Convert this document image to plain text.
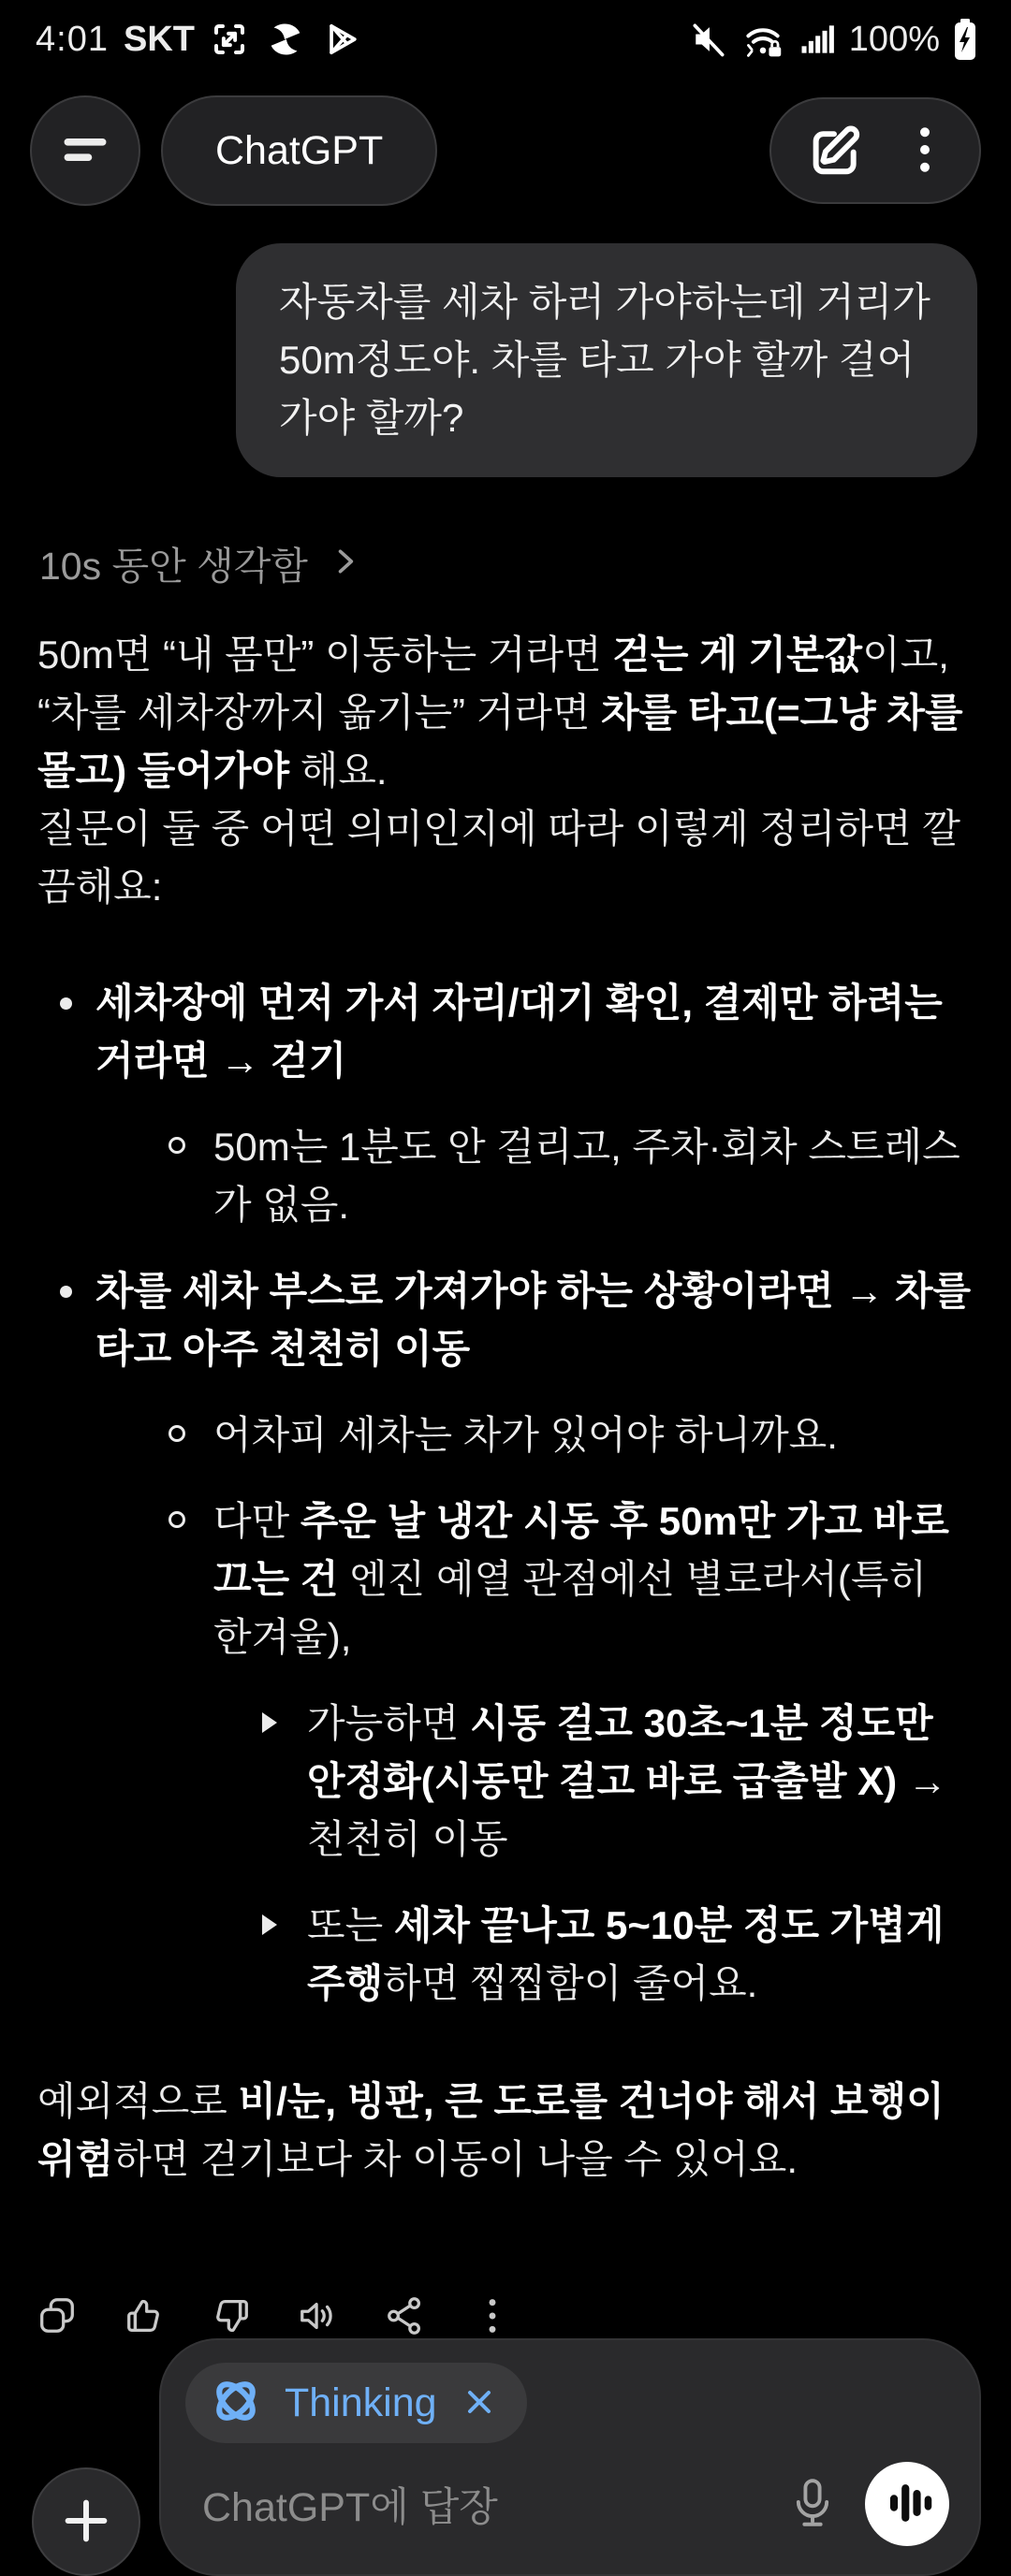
4:01 SKT	100%
ChatGPT
자동차를 세차 하러 가야하는데 거리가 50m정도야. 차를 타고 가야 할까 걸어 가야 할까?
10s 동안 생각함
50m면 “내 몸만” 이동하는 거라면 걷는 게 기본값이고, “차를 세차장까지 옮기는” 거라면 차를 타고(=그냥 차를 몰고) 들어가야 해요.
질문이 둘 중 어떤 의미인지에 따라 이렇게 정리하면 깔끔해요:
세차장에 먼저 가서 자리/대기 확인, 결제만 하려는 거라면 → 걷기
50m는 1분도 안 걸리고, 주차·회차 스트레스가 없음.
차를 세차 부스로 가져가야 하는 상황이라면 → 차를 타고 아주 천천히 이동
어차피 세차는 차가 있어야 하니까요.
다만 추운 날 냉간 시동 후 50m만 가고 바로 끄는 건 엔진 예열 관점에선 별로라서(특히 한겨울),
가능하면 시동 걸고 30초~1분 정도만 안정화(시동만 걸고 바로 급출발 X) → 천천히 이동
또는 세차 끝나고 5~10분 정도 가볍게 주행하면 찝찝함이 줄어요.
예외적으로 비/눈, 빙판, 큰 도로를 건너야 해서 보행이 위험하면 걷기보다 차 이동이 나을 수 있어요.
Thinking
ChatGPT에 답장
